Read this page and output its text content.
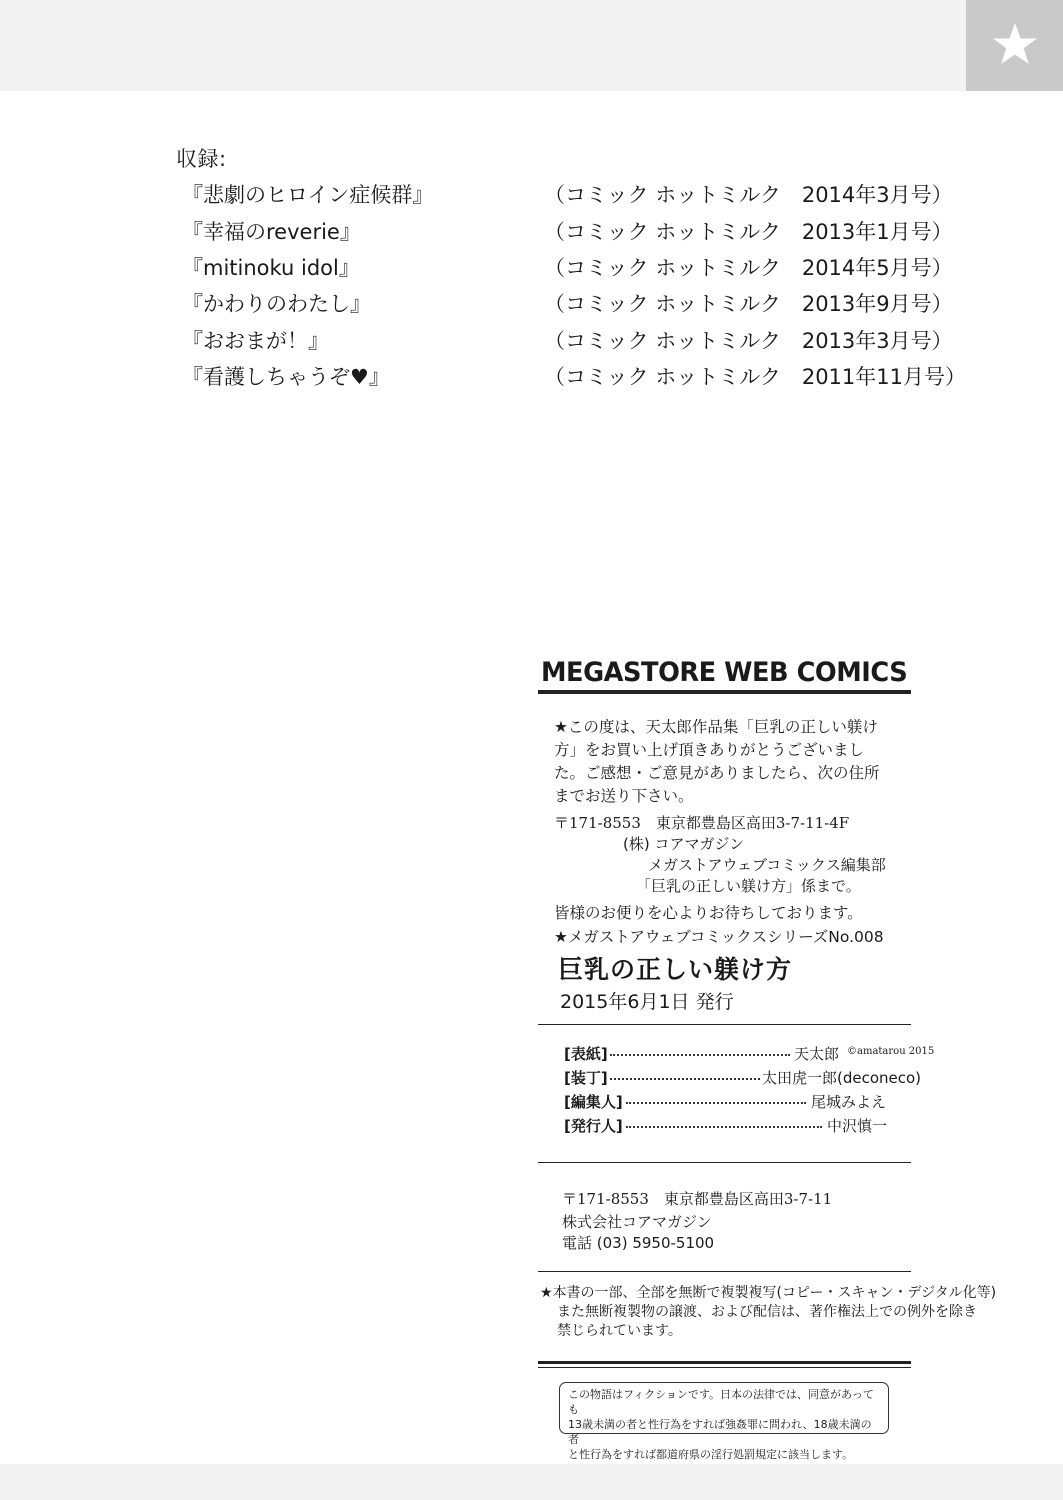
収録:
『悲劇のヒロイン症候群』	（コミック ホットミルク　2014年3月号）
『幸福のreverie』	（コミック ホットミルク　2013年1月号）
『mitinoku idol』	（コミック ホットミルク　2014年5月号）
『かわりのわたし』	（コミック ホットミルク　2013年9月号）
『おおまが！』	（コミック ホットミルク　2013年3月号）
『看護しちゃうぞ♥』	（コミック ホットミルク　2011年11月号）
MEGASTORE WEB COMICS
★この度は、天太郎作品集「巨乳の正しい躾け
方」をお買い上げ頂きありがとうございまし
た。ご感想・ご意見がありましたら、次の住所
までお送り下さい。
〒171-8553　東京都豊島区高田3-7-11-4F
(株) コアマガジン
メガストアウェブコミックス編集部
「巨乳の正しい躾け方」係まで。
皆様のお便りを心よりお待ちしております。
★メガストアウェブコミックスシリーズNo.008
巨乳の正しい躾け方
2015年6月1日 発行
[表紙]	天太郎 ©amatarou 2015
[装丁]	太田虎一郎(deconeco)
[編集人]	尾城みよえ
[発行人]	中沢慎一
〒171-8553　東京都豊島区高田3-7-11
株式会社コアマガジン
電話 (03) 5950-5100
★本書の一部、全部を無断で複製複写(コピー・スキャン・デジタル化等)
また無断複製物の譲渡、および配信は、著作権法上での例外を除き
禁じられています。
この物語はフィクションです。日本の法律では、同意があっても
13歳未満の者と性行為をすれば強姦罪に問われ、18歳未満の者
と性行為をすれば都道府県の淫行処罰規定に該当します。
